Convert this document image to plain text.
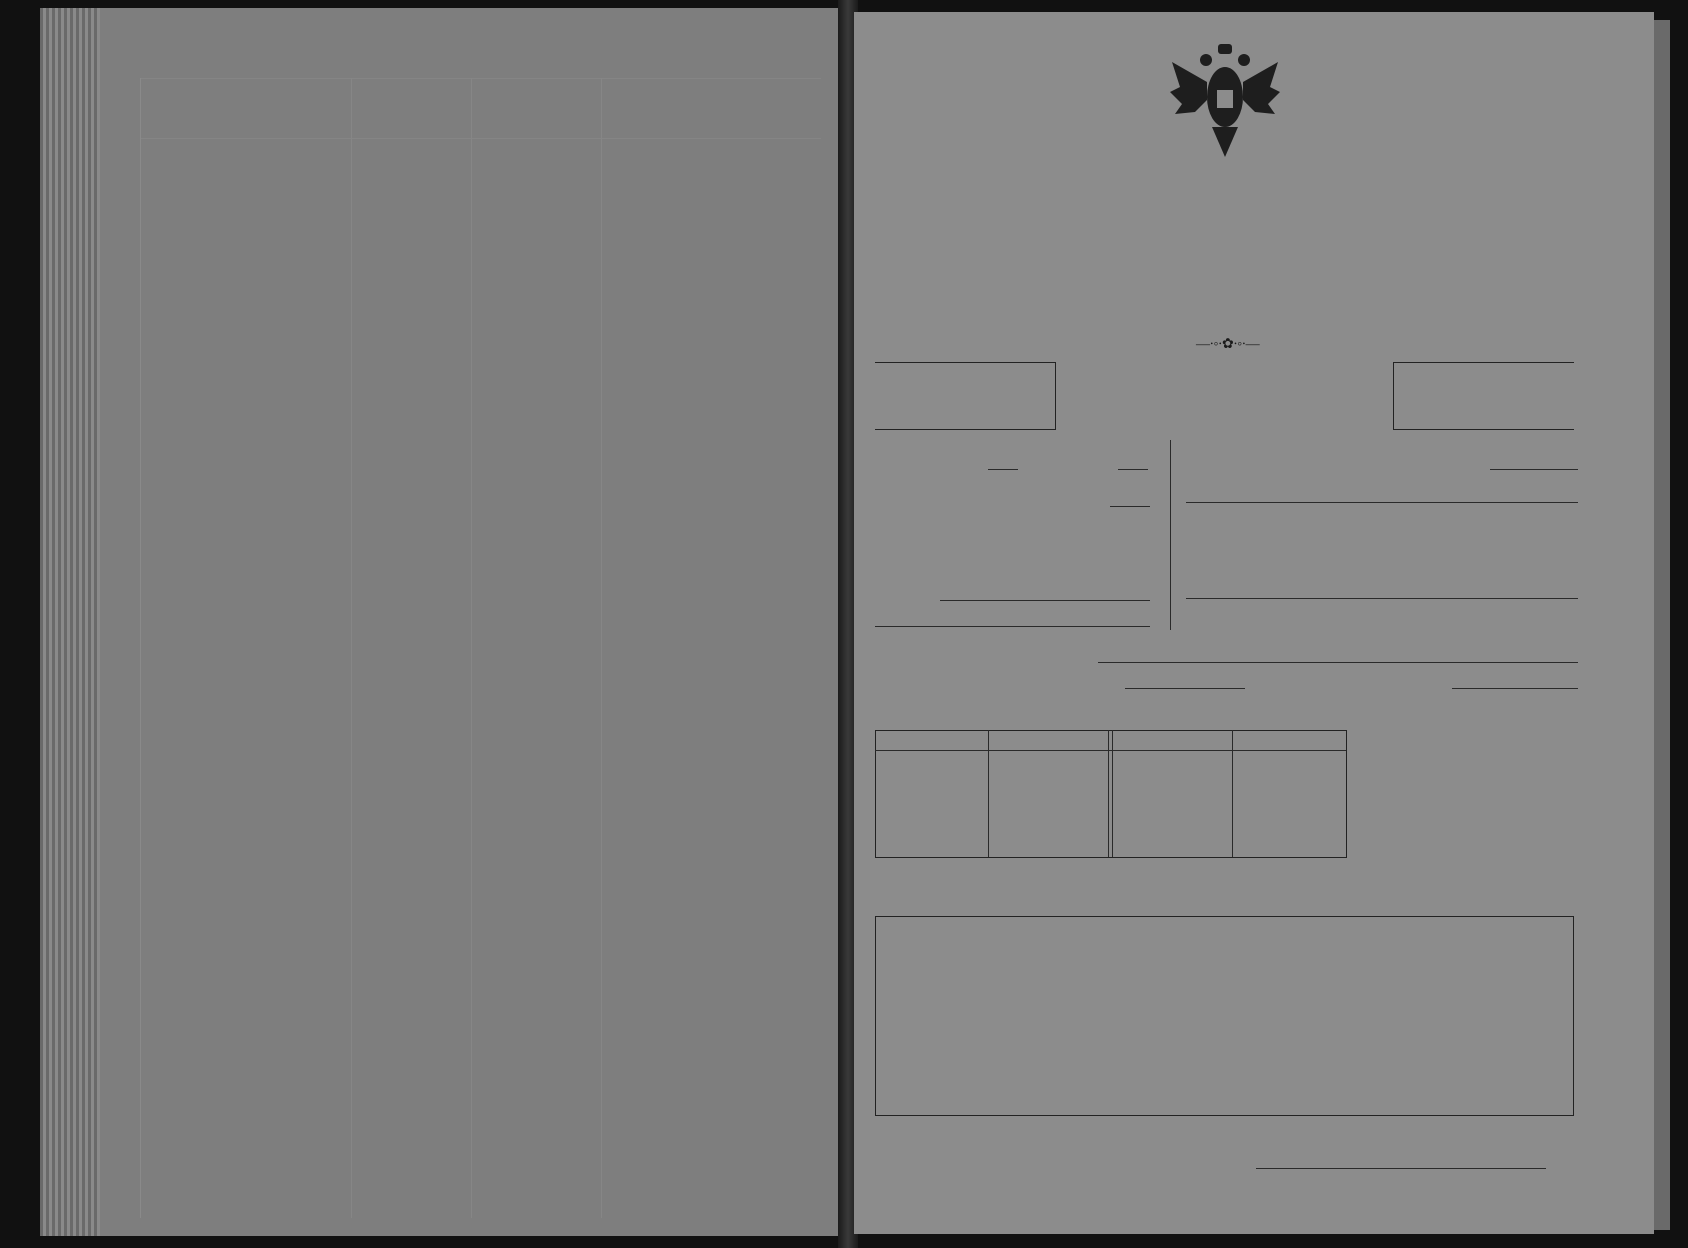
—∙◦∙✿∙◦∙—
